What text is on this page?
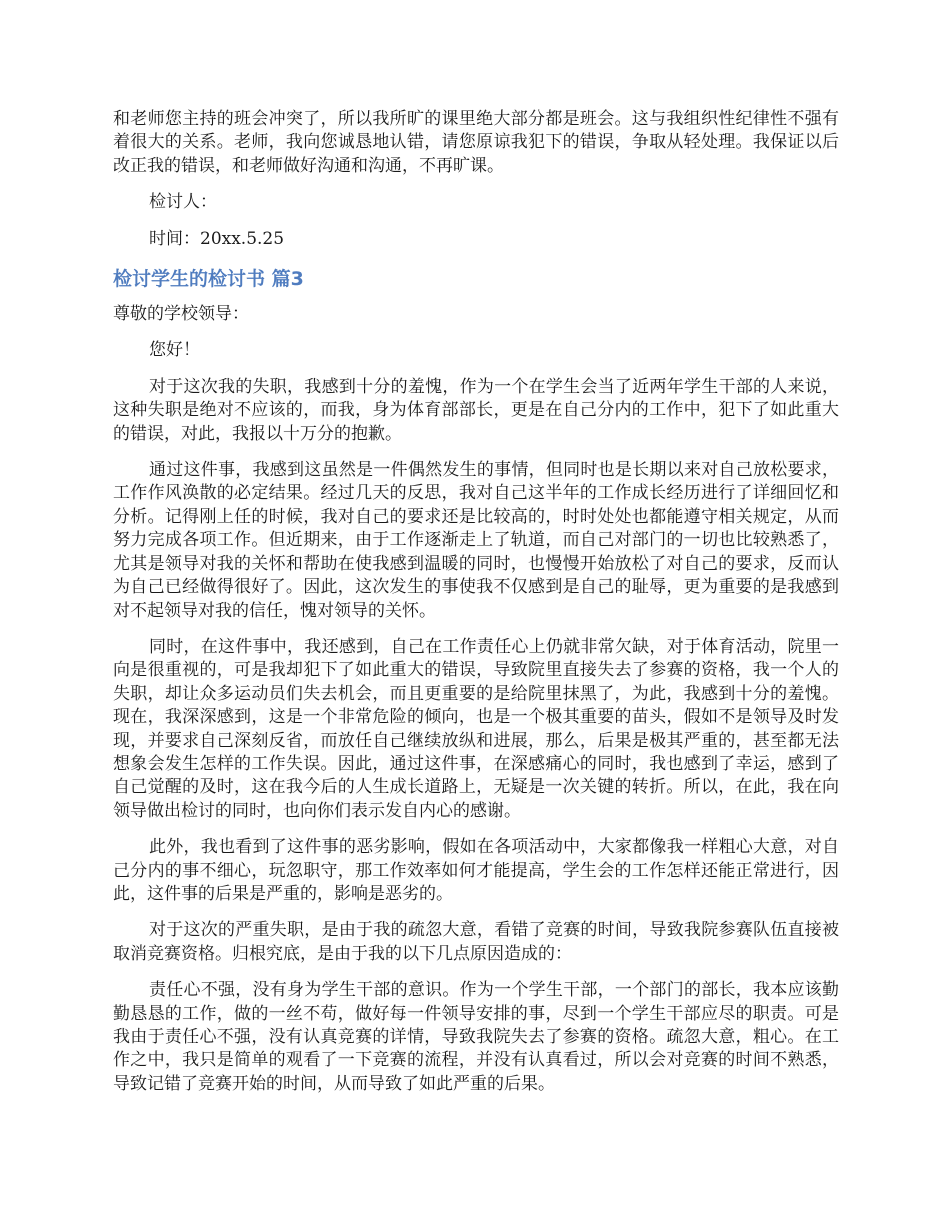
和老师您主持的班会冲突了，所以我所旷的课里绝大部分都是班会。这与我组织性纪律性不强有着很大的关系。老师，我向您诚恳地认错，请您原谅我犯下的错误，争取从轻处理。我保证以后改正我的错误，和老师做好沟通和沟通，不再旷课。

检讨人：

时间：20xx.5.25

检讨学生的检讨书 篇3

尊敬的学校领导：

您好！

对于这次我的失职，我感到十分的羞愧，作为一个在学生会当了近两年学生干部的人来说，这种失职是绝对不应该的，而我，身为体育部部长，更是在自己分内的工作中，犯下了如此重大的错误，对此，我报以十万分的抱歉。

通过这件事，我感到这虽然是一件偶然发生的事情，但同时也是长期以来对自己放松要求，工作作风涣散的必定结果。经过几天的反思，我对自己这半年的工作成长经历进行了详细回忆和分析。记得刚上任的时候，我对自己的要求还是比较高的，时时处处也都能遵守相关规定，从而努力完成各项工作。但近期来，由于工作逐渐走上了轨道，而自己对部门的一切也比较熟悉了，尤其是领导对我的关怀和帮助在使我感到温暖的同时，也慢慢开始放松了对自己的要求，反而认为自己已经做得很好了。因此，这次发生的事使我不仅感到是自己的耻辱，更为重要的是我感到对不起领导对我的信任，愧对领导的关怀。

同时，在这件事中，我还感到，自己在工作责任心上仍就非常欠缺，对于体育活动，院里一向是很重视的，可是我却犯下了如此重大的错误，导致院里直接失去了参赛的资格，我一个人的失职，却让众多运动员们失去机会，而且更重要的是给院里抹黑了，为此，我感到十分的羞愧。现在，我深深感到，这是一个非常危险的倾向，也是一个极其重要的苗头，假如不是领导及时发现，并要求自己深刻反省，而放任自己继续放纵和进展，那么，后果是极其严重的，甚至都无法想象会发生怎样的工作失误。因此，通过这件事，在深感痛心的同时，我也感到了幸运，感到了自己觉醒的及时，这在我今后的人生成长道路上，无疑是一次关键的转折。所以，在此，我在向领导做出检讨的同时，也向你们表示发自内心的感谢。

此外，我也看到了这件事的恶劣影响，假如在各项活动中，大家都像我一样粗心大意，对自己分内的事不细心，玩忽职守，那工作效率如何才能提高，学生会的工作怎样还能正常进行，因此，这件事的后果是严重的，影响是恶劣的。

对于这次的严重失职，是由于我的疏忽大意，看错了竞赛的时间，导致我院参赛队伍直接被取消竞赛资格。归根究底，是由于我的以下几点原因造成的：

责任心不强，没有身为学生干部的意识。作为一个学生干部，一个部门的部长，我本应该勤勤恳恳的工作，做的一丝不苟，做好每一件领导安排的事，尽到一个学生干部应尽的职责。可是我由于责任心不强，没有认真竞赛的详情，导致我院失去了参赛的资格。疏忽大意，粗心。在工作之中，我只是简单的观看了一下竞赛的流程，并没有认真看过，所以会对竞赛的时间不熟悉，导致记错了竞赛开始的时间，从而导致了如此严重的后果。
